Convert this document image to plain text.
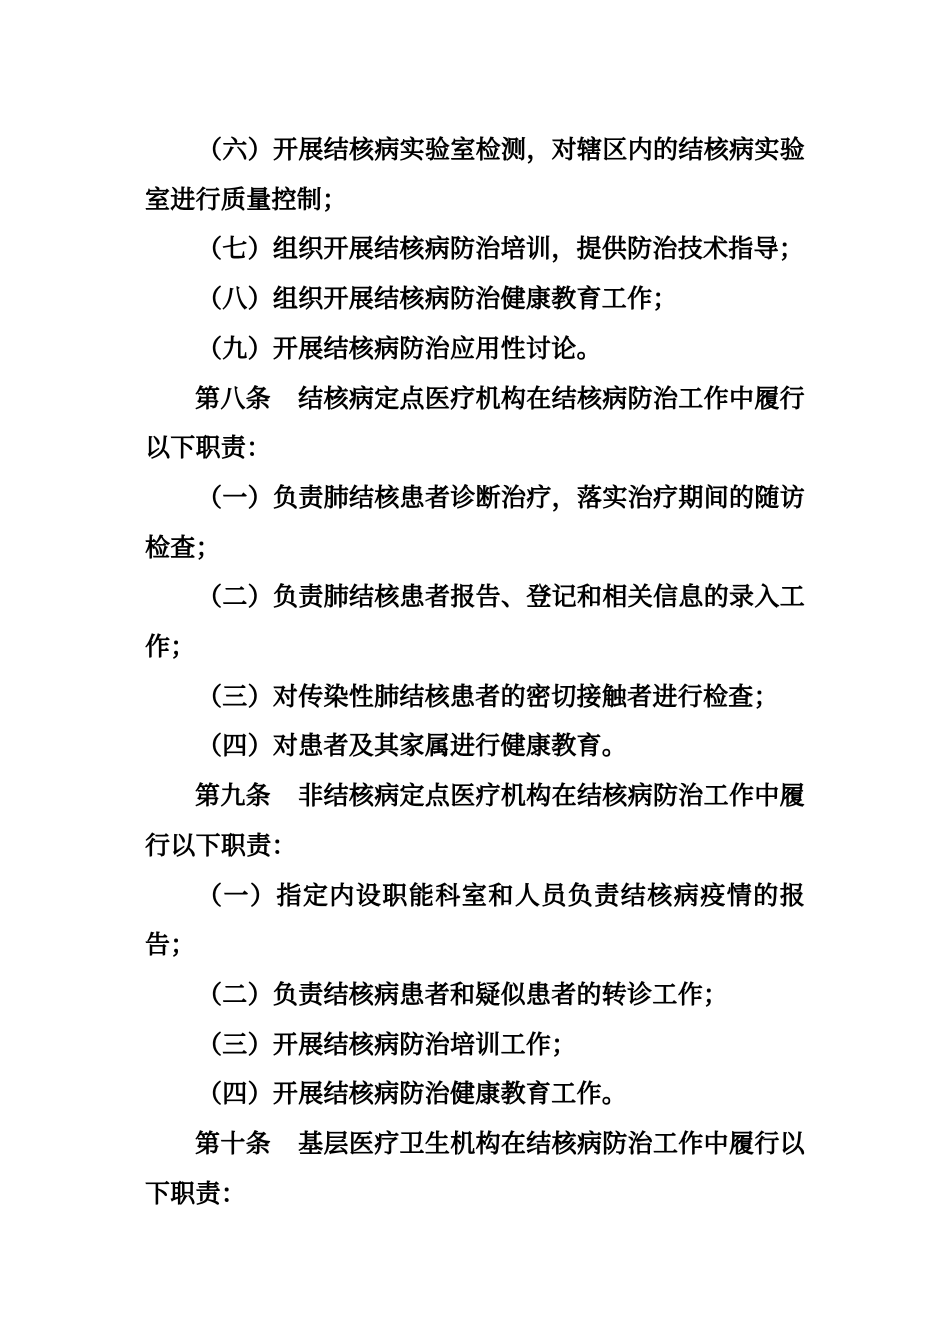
（六）开展结核病实验室检测，对辖区内的结核病实验室进行质量控制；

（七）组织开展结核病防治培训，提供防治技术指导；

（八）组织开展结核病防治健康教育工作；

（九）开展结核病防治应用性讨论。

第八条 结核病定点医疗机构在结核病防治工作中履行以下职责：

（一）负责肺结核患者诊断治疗，落实治疗期间的随访检查；

（二）负责肺结核患者报告、登记和相关信息的录入工作；

（三）对传染性肺结核患者的密切接触者进行检查；

（四）对患者及其家属进行健康教育。

第九条 非结核病定点医疗机构在结核病防治工作中履行以下职责：

（一）指定内设职能科室和人员负责结核病疫情的报告；

（二）负责结核病患者和疑似患者的转诊工作；

（三）开展结核病防治培训工作；

（四）开展结核病防治健康教育工作。

第十条 基层医疗卫生机构在结核病防治工作中履行以下职责：
